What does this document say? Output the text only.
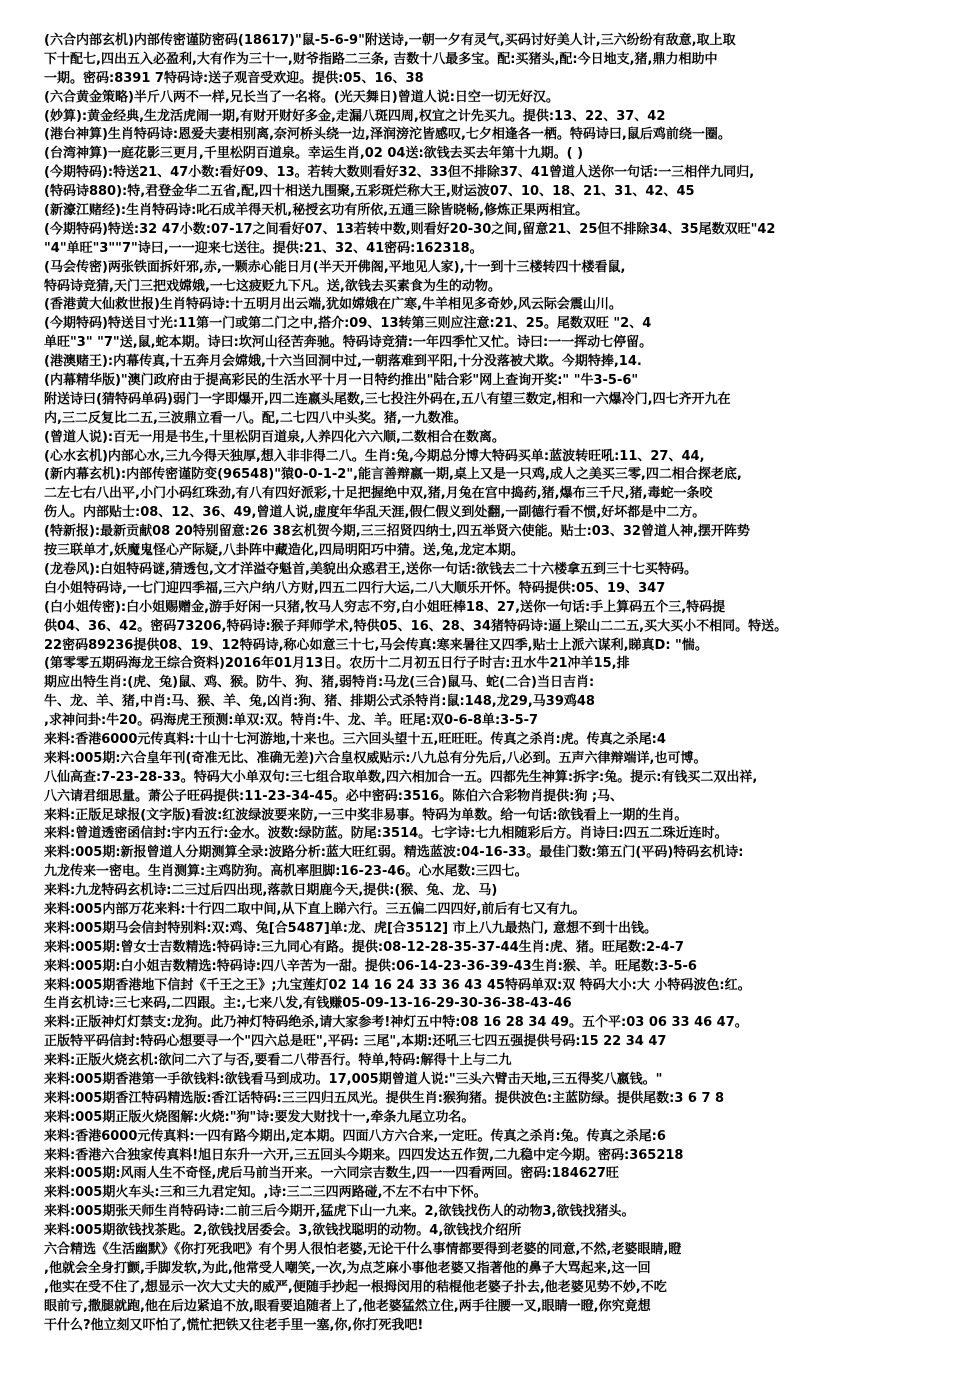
(六合内部玄机)内部传密谨防密码(18617)"鼠-5-6-9"附送诗,一朝一夕有灵气,买码讨好美人计,三六纷纷有敌意,取上取
下十配七,四出五入必盈利,大有作为三十一,财爷指路二三条, 吉数十八最多宝。配:买猪头,配:今日地支,猪,鼎力相助中
一期。密码:8391 7特码诗:送子观音受欢迎。提供:05、16、38
(六合黄金策略)半斤八两不一样,兄长当了一名将。(光天舞日)曾道人说:日空一切无好汉。
(妙算):黄金经典,生龙活虎闹一期,有财开财好多金,走漏八斑四周,权宜之计先买九。提供:13、22、37、42
(港台神算)生肖特码诗:恩爱夫妻相别离,奈河桥头绕一边,泽润滂沱皆感叹,七夕相逢各一栖。特码诗曰,鼠后鸡前绕一圈。
(台湾神算)一庭花影三更月,千里松阴百道泉。幸运生肖,02 04送:欲钱去买去年第十九期。( )
(今期特码):特送21、47小数:看好09、13。若转大数则看好32、33但不排除37、41曾道人送你一句话:一三相伴九同归,
(特码诗880):特,君登金华二五省,配,四十相送九围聚,五彩斑烂称大王,财运波07、10、18、21、31、42、45
(新濠江赌经):生肖特码诗:叱石成羊得天机,秘授玄功有所依,五通三除皆晓畅,修炼正果两相宜。
(今期特码)特送:32 47小数:07-17之间看好07、13若转中数,则看好20-30之间,留意21、25但不排除34、35尾数双旺"42
"4"单旺"3""7"诗曰,一一迎来七送往。提供:21、32、41密码:162318。
(马会传密)两张铁面拆奸邪,赤,一颗赤心能日月(半天开佛阁,平地见人家),十一到十三楼转四十楼看鼠,
特码诗竞猜,天门三把戏嫦娥,一七这疲贬九下凡。送,欲钱去买素食为生的动物。
(香港黄大仙救世报)生肖特码诗:十五明月出云端,犹如嫦娥在广寒,牛羊相见多奇妙,风云际会震山川。
(今期特码)特送目寸光:11第一门或第二门之中,搭介:09、13转第三则应注意:21、25。尾数双旺 "2、4
单旺"3" "7"送,鼠,蛇本期。诗曰:坎河山径苦奔驰。特码诗竞猜:一年四季忙又忙。诗曰:一一挥动七停留。
(港澳赌王):内幕传真,十五奔月会嫦娥,十六当回洞中过,一朝落难到平阳,十分没落被犬欺。今期特捧,14.
(内幕精华版)"澳门政府由于提高彩民的生活水平十月一日特约推出"陆合彩"网上查询开奖:" "牛3-5-6"
附送诗曰(猜特码单码)弱门一字即爆开,四二连嬴头尾数,三七投注外码在,五八有望三数定,相和一六爆冷门,四七齐开九在
内,三二反复比二五,三波鼎立看一八。配,二七四八中头奖。猪,一九数准。
(曾道人说):百无一用是书生,十里松阴百道泉,人养四化六六顺,二数相合在数离。
(心水玄机)内部心水,三九今得天独厚,想入非非得二八。生肖:兔,今期总分博大特码买单:蓝波转旺吼:11、27、44,
(新内幕玄机):内部传密谨防变(96548)"猿0-0-1-2",能言善辩嬴一期,桌上又是一只鸡,成人之美买三零,四二相合探老底,
二左七右八出平,小门小码红珠劲,有八有四好派彩,十足把握绝中双,猪,月兔在宫中捣药,猪,爆布三千尺,猪,毒蛇一条咬
伤人。内部贴士:08、12、36、49,曾道人说,虚度年华乱天涯,假仁假义到处翻,一副德行看不惯,好坏都是中二方。
(特新报):最新贡献08 20特别留意:26 38玄机贺今期,三三招贤四纳士,四五举贤六使能。贴士:03、32曾道人神,摆开阵势
按三联单才,妖魔鬼怪心产际疑,八卦阵中藏造化,四局明阳巧中猜。送,兔,龙定本期。
(龙卷风):白姐特码谜,猜透包,文才洋溢夺魁首,美貌出众惑君王,送你一句话:欲钱去二十六楼拿五到三十七买特码。
白小姐特码诗,一七门迎四季福,三六户纳八方财,四五二四行大运,二八大顺乐开怀。特码提供:05、19、347
(白小姐传密):白小姐赐赠金,游手好闲一只猪,牧马人穷志不穷,白小姐旺棒18、27,送你一句话:手上算码五个三,特码提
供04、36、42。密码73206,特码诗:猴子拜师学术,特供05、16、28、34猪特码诗:逼上梁山二二五,买大买小不相同。特送。
22密码89236提供08、19、12特码诗,称心如意三十七,马会传真:寒来暑往又四季,贴士上派六谋利,睇真D: "惴。
(第零零五期码海龙王综合资料)2016年01月13日。农历十二月初五日行子时吉:丑水牛21冲羊15,排
期应出特生肖:(虎、兔)鼠、鸡、猴。防牛、狗、猪,弱特肖:马龙(三合)鼠马、蛇(二合)当日吉肖:
牛、龙、羊、猪,中肖:马、猴、羊、兔,凶肖:狗、猪、排期公式杀特肖:鼠:148,龙29,马39鸡48
,求神问卦:牛20。码海虎王预测:单双:双。特肖:牛、龙、羊。旺尾:双0-6-8单:3-5-7
来料:香港6000元传真料:十山十七河游地,十来也。三六回头望十五,旺旺旺。传真之杀肖:虎。传真之杀尾:4
来料:005期:六合皇年刊(奇准无比、准确无差)六合皇权威贴示:八九总有分先后,八必到。五声六律辩端详,也可博。
八仙高查:7-23-28-33。特码大小单双句:三七组合取单数,四六相加合一五。四都先生神算:拆字:兔。提示:有钱买二双出祥,
八六请君细思量。萧公子旺码提供:11-23-34-45。必中密码:3516。陈伯六合彩物肖提供:狗 ;马、
来料:正版足球报(文字版)看波:红波绿波要来防,一三中奖非易事。特码为单数。给一句话:欲钱看上一期的生肖。
来料:曾道透密函信封:宇内五行:金水。波数:绿防蓝。防尾:3514。七字诗:七九相随彩后方。肖诗曰:四五二珠近连时。
来料:005期:新报曾道人分期测算全录:波路分析:蓝大旺红弱。精选蓝波:04-16-33。最佳门数:第五门(平码)特码玄机诗:
九龙传来一密电。生肖测算:主鸡防狗。高机率胆脚:16-23-46。心水尾数:三四七。
来料:九龙特码玄机诗:二三过后四出现,落款日期鹿今天,提供:(猴、兔、龙、马)
来料:005内部万花来料:十行四二取中间,从下直上睇六行。三五偏二四四好,前后有七又有九。
来料:005期马会信封特别料:双:鸡、兔[合5487]单:龙、虎[合3512] 市上八九最热门, 意想不到十出钱。
来料:005期:曾女士吉数精选:特码诗:三九同心有路。提供:08-12-28-35-37-44生肖:虎、猪。旺尾数:2-4-7
来料:005期:白小姐吉数精选:特码诗:四八辛苦为一甜。提供:06-14-23-36-39-43生肖:猴、羊。旺尾数:3-5-6
来料:005期香港地下信封《千王之王》;九宝莲灯02 14 16 24 33 36 43 45特码单双:双 特码大小:大 小特码波色:红。
生肖玄机诗:三七来码,二四跟。主:,七来八发,有钱赚05-09-13-16-29-30-36-38-43-46
来料:正版神灯灯禁支:龙狗。此乃神灯特码绝杀,请大家参考!神灯五中特:08 16 28 34 49。五个平:03 06 33 46 47。
正版特平码信封:特码心想要寻一个"四六总是旺",平码: 三尾",本期:还吼三七四五强提供号码:15 22 34 47
来料:正版火烧玄机:欲问二六了与否,要看二八带吾行。特单,特码:解得十上与二九
来料:005期香港第一手欲钱料:欲钱看马到成功。17,005期曾道人说:"三头六臂击天地,三五得奖八嬴钱。"
来料:005期香江特码精选版:香江话特码:三三四归五凤光。提供生肖:猴狗猪。提供波色:主蓝防绿。提供尾数:3 6 7 8
来料:005期正版火烧图解:火烧:"狗"诗:要发大财找十一,牵条九尾立功名。
来料:香港6000元传真料:一四有路今期出,定本期。四面八方六合来,一定旺。传真之杀肖:兔。传真之杀尾:6
来料:香港六合独家传真料!旭日东升一六开,三五回头今期来。四四发达五作贺,二九稳中定今期。密码:365218
来料:005期:风雨人生不奇怪,虎后马前当开来。一六同宗吉数生,四一一四看两回。密码:184627旺
来料:005期火车头:三和三九君定知。,诗:三二三四两路碰,不左不右中下怀。
来料:005期张天师生肖特码诗:二前三后今期开,猛虎下山一九来。2,欲钱找伤人的动物3,欲钱找猪头。
来料:005期欲钱找茶匙。2,欲钱找居委会。3,欲钱找聪明的动物。4,欲钱找介绍所
六合精选《生活幽默》《你打死我吧》有个男人很怕老婆,无论干什么事情都要得到老婆的同意,不然,老婆眼睛,瞪
,他就会全身打颤,手脚发软,为此,他常受人嘲笑,一次,为点芝麻小事他老婆又指著他的鼻子大骂起来,这一回
,他实在受不住了,想显示一次大丈夫的威严,便随手抄起一根拇闵用的秸棍他老婆子扑去,他老婆见势不妙,不吃
眼前亏,撒腿就跑,他在后边紧追不放,眼看要追随者上了,他老婆猛然立住,两手往腰一叉,眼睛一瞪,你究竟想
干什么?他立刻又吓怕了,慌忙把铁又往老手里一塞,你,你打死我吧!
